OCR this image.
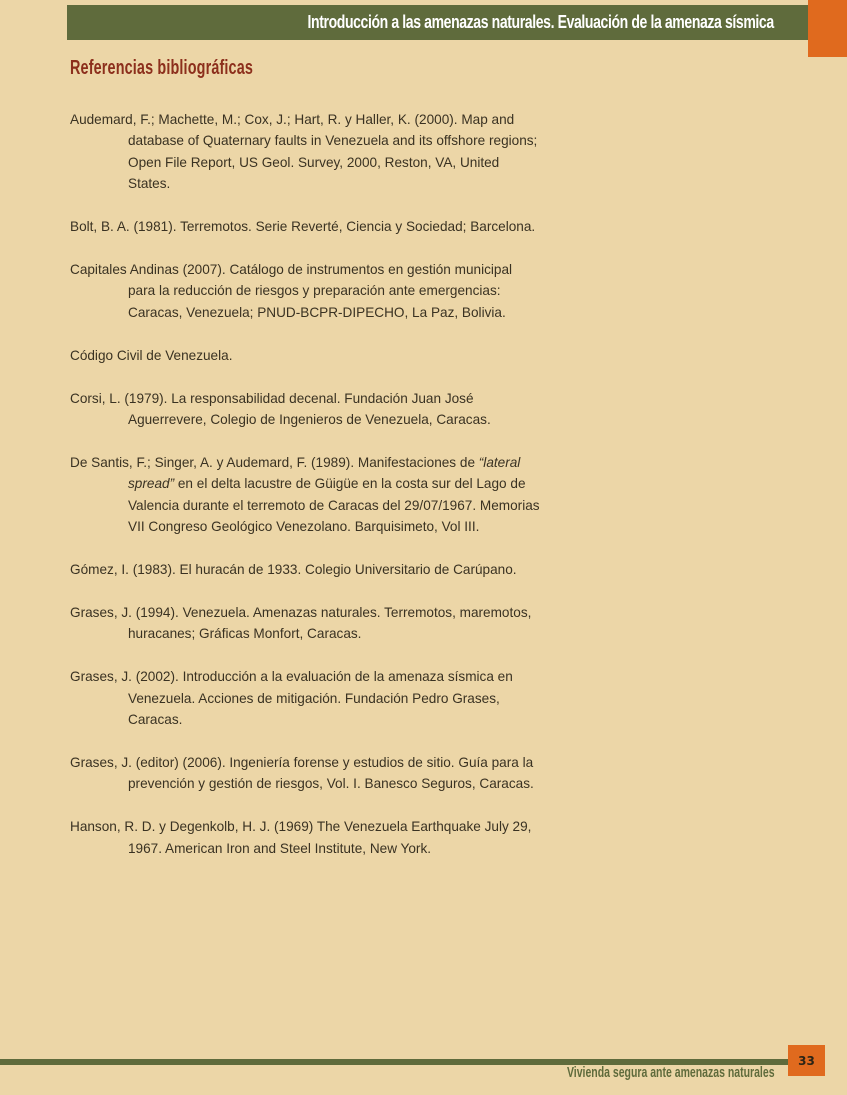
Introducción a las amenazas naturales. Evaluación de la amenaza sísmica
Referencias bibliográficas

Audemard, F.; Machette, M.; Cox, J.; Hart, R. y Haller, K. (2000). Map and database of Quaternary faults in Venezuela and its offshore regions; Open File Report, US Geol. Survey, 2000, Reston, VA, United States.

Bolt, B. A. (1981). Terremotos. Serie Reverté, Ciencia y Sociedad; Barcelona.

Capitales Andinas (2007). Catálogo de instrumentos en gestión municipal para la reducción de riesgos y preparación ante emergencias: Caracas, Venezuela; PNUD-BCPR-DIPECHO, La Paz, Bolivia.

Código Civil de Venezuela.

Corsi, L. (1979). La responsabilidad decenal. Fundación Juan José Aguerrevere, Colegio de Ingenieros de Venezuela, Caracas.

De Santis, F.; Singer, A. y Audemard, F. (1989). Manifestaciones de “lateral spread” en el delta lacustre de Güigüe en la costa sur del Lago de Valencia durante el terremoto de Caracas del 29/07/1967. Memorias VII Congreso Geológico Venezolano. Barquisimeto, Vol III.

Gómez, I. (1983). El huracán de 1933. Colegio Universitario de Carúpano.

Grases, J. (1994). Venezuela. Amenazas naturales. Terremotos, maremotos, huracanes; Gráficas Monfort, Caracas.

Grases, J. (2002). Introducción a la evaluación de la amenaza sísmica en Venezuela. Acciones de mitigación. Fundación Pedro Grases, Caracas.

Grases, J. (editor) (2006). Ingeniería forense y estudios de sitio. Guía para la prevención y gestión de riesgos, Vol. I. Banesco Seguros, Caracas.

Hanson, R. D. y Degenkolb, H. J. (1969) The Venezuela Earthquake July 29, 1967. American Iron and Steel Institute, New York.

Vivienda segura ante amenazas naturales
33
